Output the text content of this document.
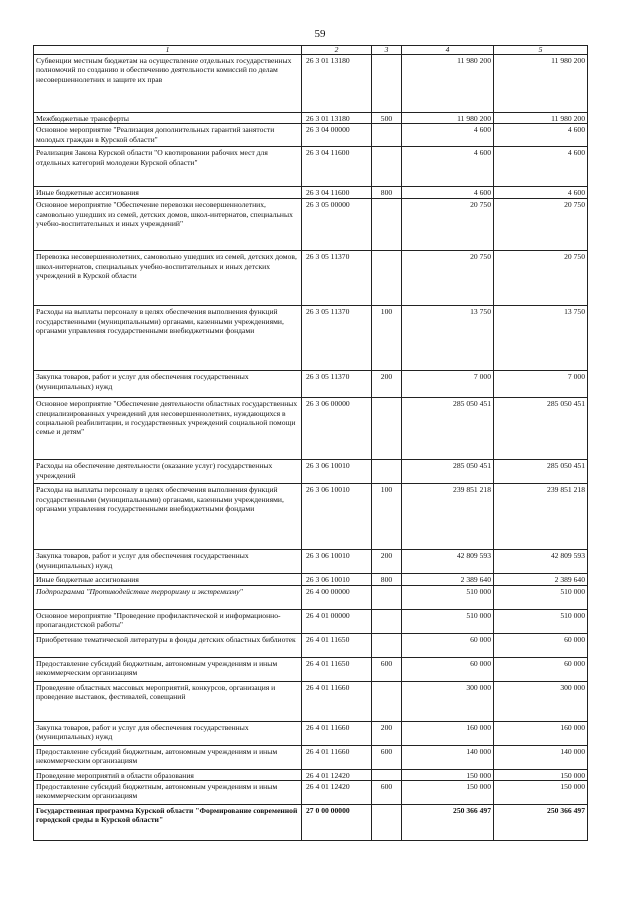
59
1	2	3	4	5
Субвенции местным бюджетам на осуществление отдельных государственных полномочий по созданию и обеспечению деятельности комиссий по делам несовершеннолетних и защите их прав	26 3 01 13180		11 980 200	11 980 200
Межбюджетные трансферты	26 3 01 13180	500	11 980 200	11 980 200
Основное мероприятие "Реализация дополнительных гарантий занятости молодых граждан в Курской области"	26 3 04 00000		4 600	4 600
Реализация Закона Курской области "О квотировании рабочих мест для отдельных категорий молодежи Курской области"	26 3 04 11600		4 600	4 600
Иные бюджетные ассигнования	26 3 04 11600	800	4 600	4 600
Основное мероприятие "Обеспечение перевозки несовершеннолетних, самовольно ушедших из семей, детских домов, школ-интернатов, специальных учебно-воспитательных и иных учреждений"	26 3 05 00000		20 750	20 750
Перевозка несовершеннолетних, самовольно ушедших из семей, детских домов, школ-интернатов, специальных учебно-воспитательных и иных детских учреждений в Курской области	26 3 05 11370		20 750	20 750
Расходы на выплаты персоналу в целях обеспечения выполнения функций государственными (муниципальными) органами, казенными учреждениями, органами управления государственными внебюджетными фондами	26 3 05 11370	100	13 750	13 750
Закупка товаров, работ и услуг для обеспечения государственных (муниципальных) нужд	26 3 05 11370	200	7 000	7 000
Основное мероприятие "Обеспечение деятельности областных государственных специализированных учреждений для несовершеннолетних, нуждающихся в социальной реабилитации, и государственных учреждений социальной помощи семье и детям"	26 3 06 00000		285 050 451	285 050 451
Расходы на обеспечение деятельности (оказание услуг) государственных учреждений	26 3 06 10010		285 050 451	285 050 451
Расходы на выплаты персоналу в целях обеспечения выполнения функций государственными (муниципальными) органами, казенными учреждениями, органами управления государственными внебюджетными фондами	26 3 06 10010	100	239 851 218	239 851 218
Закупка товаров, работ и услуг для обеспечения государственных (муниципальных) нужд	26 3 06 10010	200	42 809 593	42 809 593
Иные бюджетные ассигнования	26 3 06 10010	800	2 389 640	2 389 640
Подпрограмма "Противодействие терроризму и экстремизму"	26 4 00 00000		510 000	510 000
Основное мероприятие "Проведение профилактической и информационно-пропагандистской работы"	26 4 01 00000		510 000	510 000
Приобретение тематической литературы в фонды детских областных библиотек	26 4 01 11650		60 000	60 000
Предоставление субсидий бюджетным, автономным учреждениям и иным некоммерческим организациям	26 4 01 11650	600	60 000	60 000
Проведение областных массовых мероприятий, конкурсов, организация и проведение выставок, фестивалей, совещаний	26 4 01 11660		300 000	300 000
Закупка товаров, работ и услуг для обеспечения государственных (муниципальных) нужд	26 4 01 11660	200	160 000	160 000
Предоставление субсидий бюджетным, автономным учреждениям и иным некоммерческим организациям	26 4 01 11660	600	140 000	140 000
Проведение мероприятий в области образования	26 4 01 12420		150 000	150 000
Предоставление субсидий бюджетным, автономным учреждениям и иным некоммерческим организациям	26 4 01 12420	600	150 000	150 000
Государственная программа Курской области "Формирование современной городской среды в Курской области"	27 0 00 00000		250 366 497	250 366 497
